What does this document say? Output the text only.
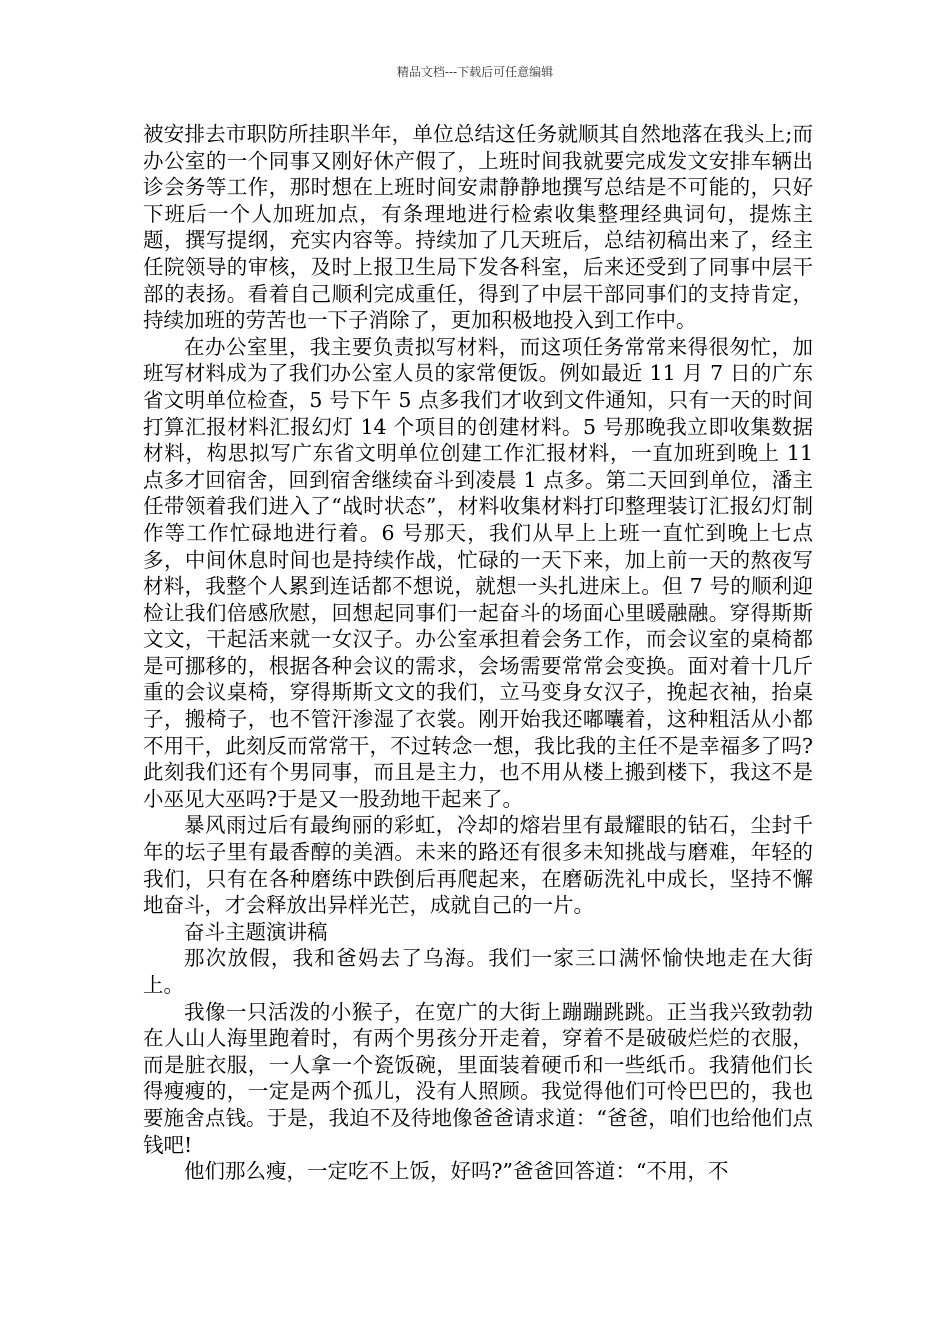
精品文档---下载后可任意编辑

被安排去市职防所挂职半年，单位总结这任务就顺其自然地落在我头上;而办公室的一个同事又刚好休产假了，上班时间我就要完成发文安排车辆出诊会务等工作，那时想在上班时间安肃静静地撰写总结是不可能的，只好下班后一个人加班加点，有条理地进行检索收集整理经典词句，提炼主题，撰写提纲，充实内容等。持续加了几天班后，总结初稿出来了，经主任院领导的审核，及时上报卫生局下发各科室，后来还受到了同事中层干部的表扬。看着自己顺利完成重任，得到了中层干部同事们的支持肯定，持续加班的劳苦也一下子消除了，更加积极地投入到工作中。

在办公室里，我主要负责拟写材料，而这项任务常常来得很匆忙，加班写材料成为了我们办公室人员的家常便饭。例如最近 11 月 7 日的广东省文明单位检查，5 号下午 5 点多我们才收到文件通知，只有一天的时间打算汇报材料汇报幻灯 14 个项目的创建材料。5 号那晚我立即收集数据材料，构思拟写广东省文明单位创建工作汇报材料，一直加班到晚上 11 点多才回宿舍，回到宿舍继续奋斗到凌晨 1 点多。第二天回到单位，潘主任带领着我们进入了“战时状态”，材料收集材料打印整理装订汇报幻灯制作等工作忙碌地进行着。6 号那天，我们从早上上班一直忙到晚上七点多，中间休息时间也是持续作战，忙碌的一天下来，加上前一天的熬夜写材料，我整个人累到连话都不想说，就想一头扎进床上。但 7 号的顺利迎检让我们倍感欣慰，回想起同事们一起奋斗的场面心里暖融融。穿得斯斯文文，干起活来就一女汉子。办公室承担着会务工作，而会议室的桌椅都是可挪移的，根据各种会议的需求，会场需要常常会变换。面对着十几斤重的会议桌椅，穿得斯斯文文的我们，立马变身女汉子，挽起衣袖，抬桌子，搬椅子，也不管汗渗湿了衣裳。刚开始我还嘟囔着，这种粗活从小都不用干，此刻反而常常干，不过转念一想，我比我的主任不是幸福多了吗?此刻我们还有个男同事，而且是主力，也不用从楼上搬到楼下，我这不是小巫见大巫吗?于是又一股劲地干起来了。

暴风雨过后有最绚丽的彩虹，冷却的熔岩里有最耀眼的钻石，尘封千年的坛子里有最香醇的美酒。未来的路还有很多未知挑战与磨难，年轻的我们，只有在各种磨练中跌倒后再爬起来，在磨砺洗礼中成长，坚持不懈地奋斗，才会释放出异样光芒，成就自己的一片。

奋斗主题演讲稿

那次放假，我和爸妈去了乌海。我们一家三口满怀愉快地走在大街上。

我像一只活泼的小猴子，在宽广的大街上蹦蹦跳跳。正当我兴致勃勃在人山人海里跑着时，有两个男孩分开走着，穿着不是破破烂烂的衣服，而是脏衣服，一人拿一个瓷饭碗，里面装着硬币和一些纸币。我猜他们长得瘦瘦的，一定是两个孤儿，没有人照顾。我觉得他们可怜巴巴的，我也要施舍点钱。于是，我迫不及待地像爸爸请求道：“爸爸，咱们也给他们点钱吧!

他们那么瘦，一定吃不上饭，好吗?”爸爸回答道：“不用，不
